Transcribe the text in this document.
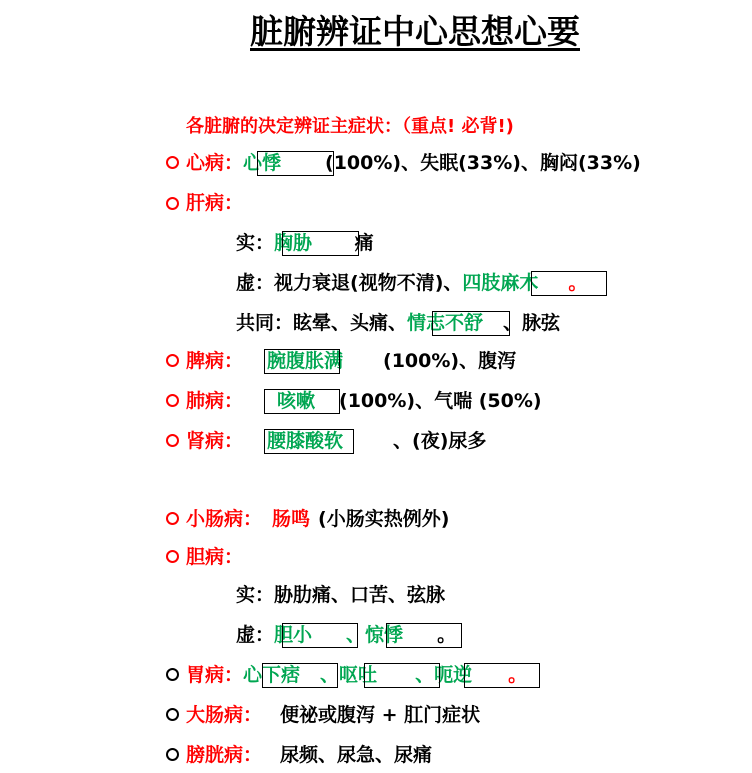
脏腑辨证中心思想心要
各脏腑的决定辨证主症状：（重点! 必背!)
心病：心悸 (100%)、失眠(33%)、胸闷(33%)
肝病：
实：胸胁 痛
虚：视力衰退(视物不清)、四肢麻木 。
共同：眩晕、头痛、情志不舒 、脉弦
脾病： 腕腹胀满 (100%)、腹泻
肺病： 咳嗽 (100%)、气喘 (50%)
肾病： 腰膝酸软	、(夜)尿多
小肠病： 肠鸣 (小肠实热例外)
胆病：
实：胁肋痛、口苦、弦脉
虚：胆小 、惊悸 。
胃病：心下痞 、呕吐 、呃逆 。
大肠病： 便祕或腹泻 + 肛门症状
膀胱病： 尿频、尿急、尿痛
